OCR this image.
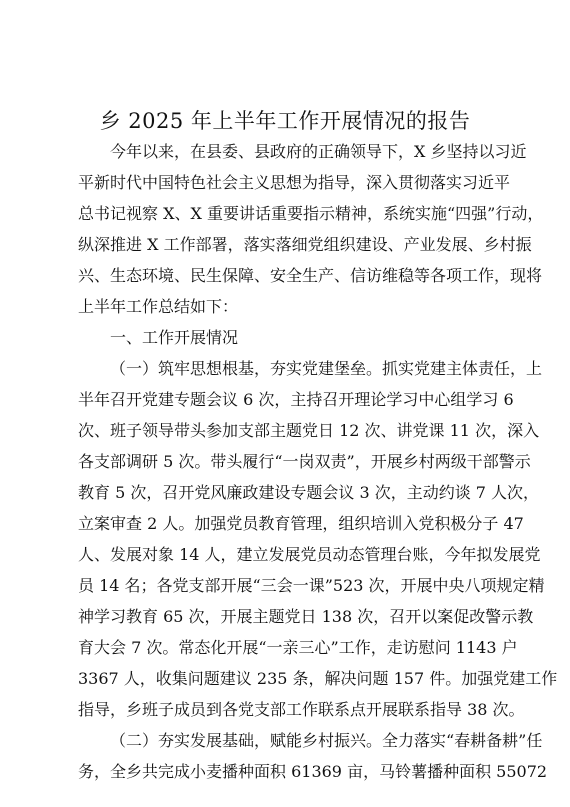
乡 2025 年上半年工作开展情况的报告
今年以来，在县委、县政府的正确领导下，X 乡坚持以习近
平新时代中国特色社会主义思想为指导，深入贯彻落实习近平
总书记视察 X、X 重要讲话重要指示精神，系统实施“四强”行动，
纵深推进 X 工作部署，落实落细党组织建设、产业发展、乡村振
兴、生态环境、民生保障、安全生产、信访维稳等各项工作，现将
上半年工作总结如下：
一、工作开展情况
（一）筑牢思想根基，夯实党建堡垒。抓实党建主体责任，上
半年召开党建专题会议 6 次，主持召开理论学习中心组学习 6
次、班子领导带头参加支部主题党日 12 次、讲党课 11 次，深入
各支部调研 5 次。带头履行“一岗双责”，开展乡村两级干部警示
教育 5 次，召开党风廉政建设专题会议 3 次，主动约谈 7 人次，
立案审查 2 人。加强党员教育管理，组织培训入党积极分子 47
人、发展对象 14 人，建立发展党员动态管理台账，今年拟发展党
员 14 名；各党支部开展“三会一课”523 次，开展中央八项规定精
神学习教育 65 次，开展主题党日 138 次，召开以案促改警示教
育大会 7 次。常态化开展“一亲三心”工作，走访慰问 1143 户
3367 人，收集问题建议 235 条，解决问题 157 件。加强党建工作
指导，乡班子成员到各党支部工作联系点开展联系指导 38 次。
（二）夯实发展基础，赋能乡村振兴。全力落实“春耕备耕”任
务，全乡共完成小麦播种面积 61369 亩，马铃薯播种面积 55072
